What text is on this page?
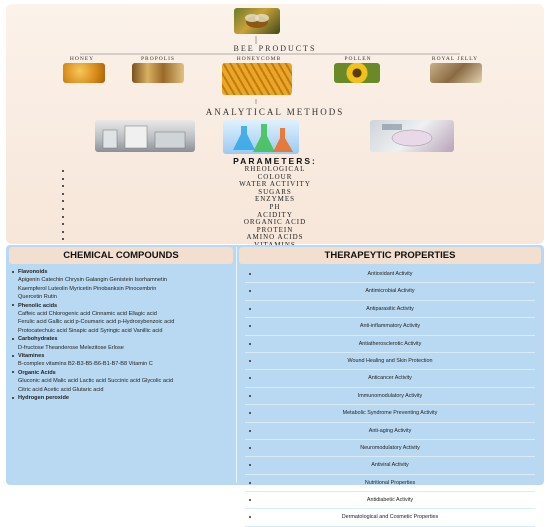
BEE PRODUCTS
HONEY	PROPOLIS	HONEYCOMB	POLLEN	ROYAL JELLY
ANALYTICAL METHODS
PARAMETERS:
RHEOLOGICAL
COLOUR
WATER ACTIVITY
SUGARS
ENZYMES
PH
ACIDITY
ORGANIC ACID
PROTEIN
AMINO ACIDS
CHEMICAL COMPOUNDS	THERAPEYTIC PROPERTIES
Flavonoids
Apigenin Catechin Chrysin Galangin Genistein Isorhamnetin
Kaempferol Luteolin Myricetin Pinobanksin Pinocembrin
Quercetin Rutin
Phenolic acids
Caffeic acid Chlorogenic acid Cinnamic acid Ellagic acid
Ferulic acid Gallic acid p-Coumaric acid p-Hydroxybenzoic acid
Protocatechuic acid Sinapic acid Syringic acid Vanillic acid
Carbohydrates
D-fructose Theanderose Melezitose Erlose
Vitamines
B-complex vitamins B2-B3-B5-B6-B1-B7-B8 Vitamin C
Organic Acids
Gluconic acid Malic acid Lactic acid Succinic acid Glycolic acid
Citric acid Acetic acid Glutaric acid
Hydrogen peroxide
Antioxidant Activity
Antimicrobial Activity
Antiparasitic Activity
Anti-inflammatory Activity
Antiatherosclerotic Activity
Wound Healing and Skin Protection
Anticancer Activity
Immunomodulatory Activity
Metabolic Syndrome Preventing Activity
Anti-aging Activity
Neuromodulatory Activity
Antiviral Activity
Nutritional Properties
Antidiabetic Activity
Dermatological and Cosmetic Properties
